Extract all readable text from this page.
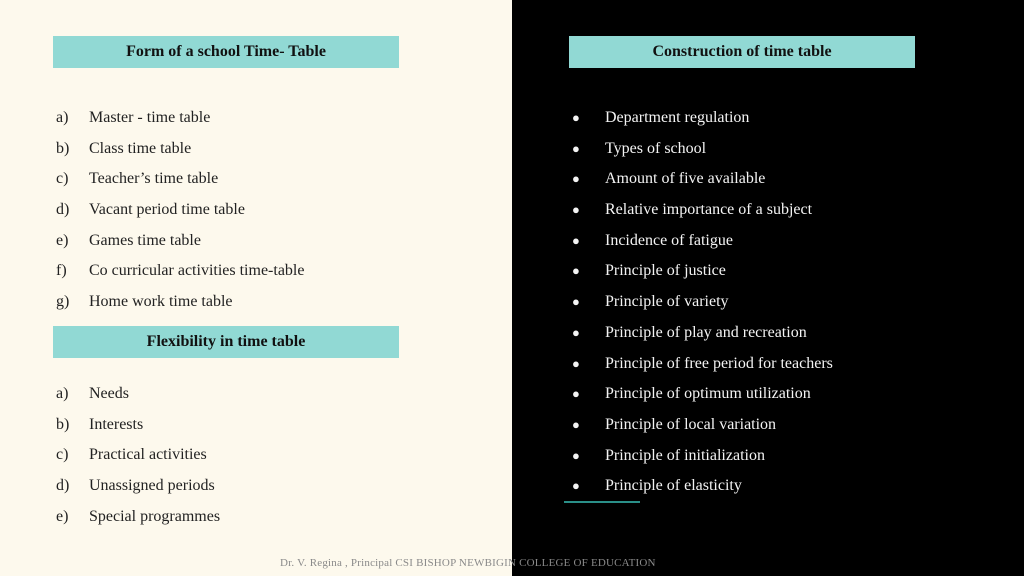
Form of a school Time- Table
a) Master - time table
b) Class time table
c) Teacher’s time table
d) Vacant period time table
e) Games time table
f) Co curricular activities time-table
g) Home work time table
Flexibility in time table
a) Needs
b) Interests
c) Practical activities
d) Unassigned periods
e) Special programmes
Construction of time table
● Department regulation
● Types of school
● Amount of five available
● Relative importance of a subject
● Incidence of fatigue
● Principle of justice
● Principle of variety
● Principle of play and recreation
● Principle of free period for teachers
● Principle of optimum utilization
● Principle of local variation
● Principle of initialization
● Principle of elasticity
Dr. V. Regina , Principal CSI BISHOP NEWBIGIN COLLEGE OF EDUCATION
